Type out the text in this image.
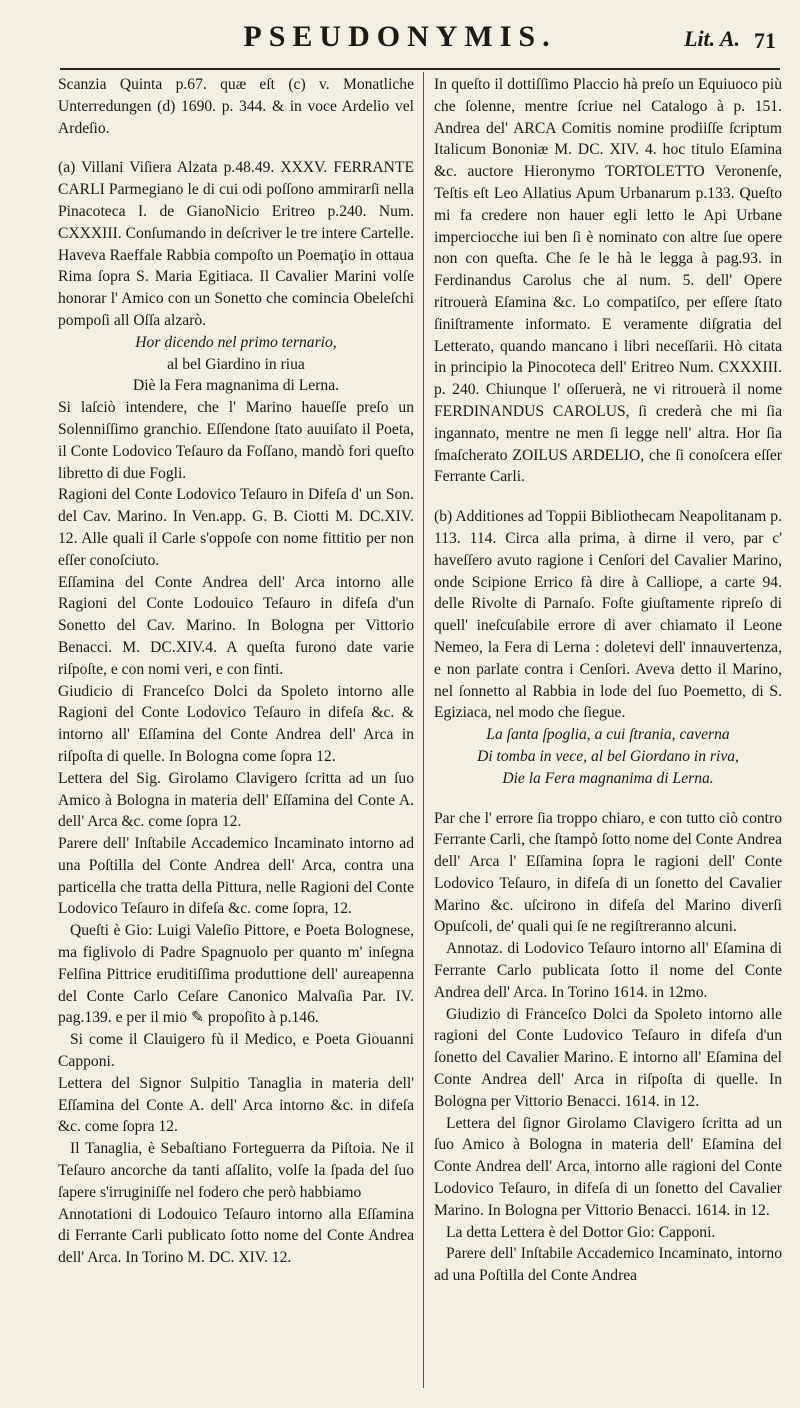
PSEUDONYMIS.	Lit. A. 71

Scanzia Quinta p.67. quæ eſt (c) v. Monatliche Unterredungen (d) 1690. p. 344. & in voce Ardelio vel Ardeſio.

(a) Villani Viſiera Alzata p.48.49. XXXV. FERRANTE CARLI Parmegiano le di cui odi poſſono ammirarſi nella Pinacoteca I. de GianoNicio Eritreo p.240. Num. CXXXIII. Conſumando in deſcriver le tre intere Cartelle. Haveva Raeffale Rabbia compoſto un Poemaţio in ottaua Rima ſopra S. Maria Egitiaca. Il Cavalier Marini volſe honorar l' Amico con un Sonetto che comincia Obeleſchi pompoſi all Oſſa alzarò.

Hor dicendo nel primo ternario,

al bel Giardino in riua

Diè la Fera magnanima di Lerna.

Si laſciò intendere, che l' Marino haueſſe preſo un Solenniſſimo granchio. Eſſendone ſtato auuiſato il Poeta, il Conte Lodovico Teſauro da Foſſano, mandò fori queſto libretto di due Fogli.

Ragioni del Conte Lodovico Teſauro in Difeſa d' un Son. del Cav. Marino. In Ven.app. G. B. Ciotti M. DC.XIV. 12. Alle quali il Carle s'oppoſe con nome fittitio per non eſſer conoſciuto.

Eſſamina del Conte Andrea dell' Arca intorno alle Ragioni del Conte Lodouico Teſauro in difeſa d'un Sonetto del Cav. Marino. In Bologna per Vittorio Benacci. M. DC.XIV.4. A queſta furono date varie riſpoſte, e con nomi veri, e con finti.

Giudicio di Franceſco Dolci da Spoleto intorno alle Ragioni del Conte Lodovico Teſauro in difeſa &c. & intorno all' Eſſamina del Conte Andrea dell' Arca in riſpoſta di quelle. In Bologna come ſopra 12.

Lettera del Sig. Girolamo Clavigero ſcritta ad un ſuo Amico à Bologna in materia dell' Eſſamina del Conte A. dell' Arca &c. come ſopra 12.

Parere dell' Inſtabile Accademico Incaminato intorno ad una Poſtilla del Conte Andrea dell' Arca, contra una particella che tratta della Pittura, nelle Ragioni del Conte Lodovico Teſauro in difeſa &c. come ſopra, 12.

Queſti è Gio: Luigi Valeſio Pittore, e Poeta Bolognese, ma figlivolo di Padre Spagnuolo per quanto m' inſegna Felſina Pittrice eruditiſſima produttione dell' aureapenna del Conte Carlo Ceſare Canonico Malvaſia Par. IV. pag.139. e per il mio ✎ propoſito à p.146.

Si come il Clauigero fù il Medico, e Poeta Giouanni Capponi.

Lettera del Signor Sulpitio Tanaglia in materia dell' Eſſamina del Conte A. dell' Arca intorno &c. in difeſa &c. come ſopra 12.

Il Tanaglia, è Sebaſtiano Forteguerra da Piſtoia. Ne il Teſauro ancorche da tanti aſſalito, volſe la ſpada del ſuo ſapere s'irruginiſſe nel fodero che però habbiamo

Annotationi di Lodouico Teſauro intorno alla Eſſamina di Ferrante Carli publicato ſotto nome del Conte Andrea dell' Arca. In Torino M. DC. XIV. 12.

In queſto il dottiſſimo Placcio hà preſo un Equiuoco più che ſolenne, mentre ſcriue nel Catalogo à p. 151. Andrea del' ARCA Comitis nomine prodiiſſe ſcriptum Italicum Bononiæ M. DC. XIV. 4. hoc titulo Eſamina &c. auctore Hieronymo TORTOLETTO Veronenſe, Teſtis eſt Leo Allatius Apum Urbanarum p.133. Queſto mi fa credere non hauer egli letto le Api Urbane imperciocche iui ben ſi è nominato con altre ſue opere non con queſta. Che ſe le hà le legga à pag.93. in Ferdinandus Carolus che al num. 5. dell' Opere ritrouerà Eſamina &c. Lo compatiſco, per eſſere ſtato ſiniſtramente informato. E veramente diſgratia del Letterato, quando mancano i libri neceſſarii. Hò citata in principio la Pinocoteca dell' Eritreo Num. CXXXIII. p. 240. Chiunque l' oſſeruerà, ne vi ritrouerà il nome FERDINANDUS CAROLUS, ſi crederà che mi ſia ingannato, mentre ne men ſi legge nell' altra. Hor ſia ſmaſcherato ZOILUS ARDELIO, che ſi conoſcera eſſer Ferrante Carli.

(b) Additiones ad Toppii Bibliothecam Neapolitanam p. 113. 114. Circa alla prima, à dirne il vero, par c' haveſſero avuto ragione i Cenſori del Cavalier Marino, onde Scipione Errico fà dire à Calliope, a carte 94. delle Rivolte di Parnaſo. Foſte giuſtamente ripreſo di quell' ineſcuſabile errore di aver chiamato il Leone Nemeo, la Fera di Lerna : doletevi dell' innauvertenza, e non parlate contra i Cenſori. Aveva detto il Marino, nel ſonnetto al Rabbia in lode del ſuo Poemetto, di S. Egiziaca, nel modo che ſiegue.

La ſanta ſpoglia, a cui ſtrania, caverna

Di tomba in vece, al bel Giordano in riva,

Die la Fera magnanima di Lerna.

Par che l' errore ſia troppo chiaro, e con tutto ciò contro Ferrante Carli, che ſtampò ſotto nome del Conte Andrea dell' Arca l' Eſſamina ſopra le ragioni dell' Conte Lodovico Teſauro, in difeſa di un ſonetto del Cavalier Marino &c. uſcirono in difeſa del Marino diverſi Opuſcoli, de' quali qui ſe ne regiſtreranno alcuni.

Annotaz. di Lodovico Teſauro intorno all' Eſamina di Ferrante Carlo publicata ſotto il nome del Conte Andrea dell' Arca. In Torino 1614. in 12mo.

Giudizio di Franceſco Dolci da Spoleto intorno alle ragioni del Conte Ludovico Teſauro in difeſa d'un ſonetto del Cavalier Marino. E intorno all' Eſamina del Conte Andrea dell' Arca in riſpoſta di quelle. In Bologna per Vittorio Benacci. 1614. in 12.

Lettera del ſignor Girolamo Clavigero ſcritta ad un ſuo Amico à Bologna in materia dell' Eſamina del Conte Andrea dell' Arca, intorno alle ragioni del Conte Lodovico Teſauro, in difeſa di un ſonetto del Cavalier Marino. In Bologna per Vittorio Benacci. 1614. in 12.

La detta Lettera è del Dottor Gio: Capponi.

Parere dell' Inſtabile Accademico Incaminato, intorno ad una Poſtilla del Conte Andrea
